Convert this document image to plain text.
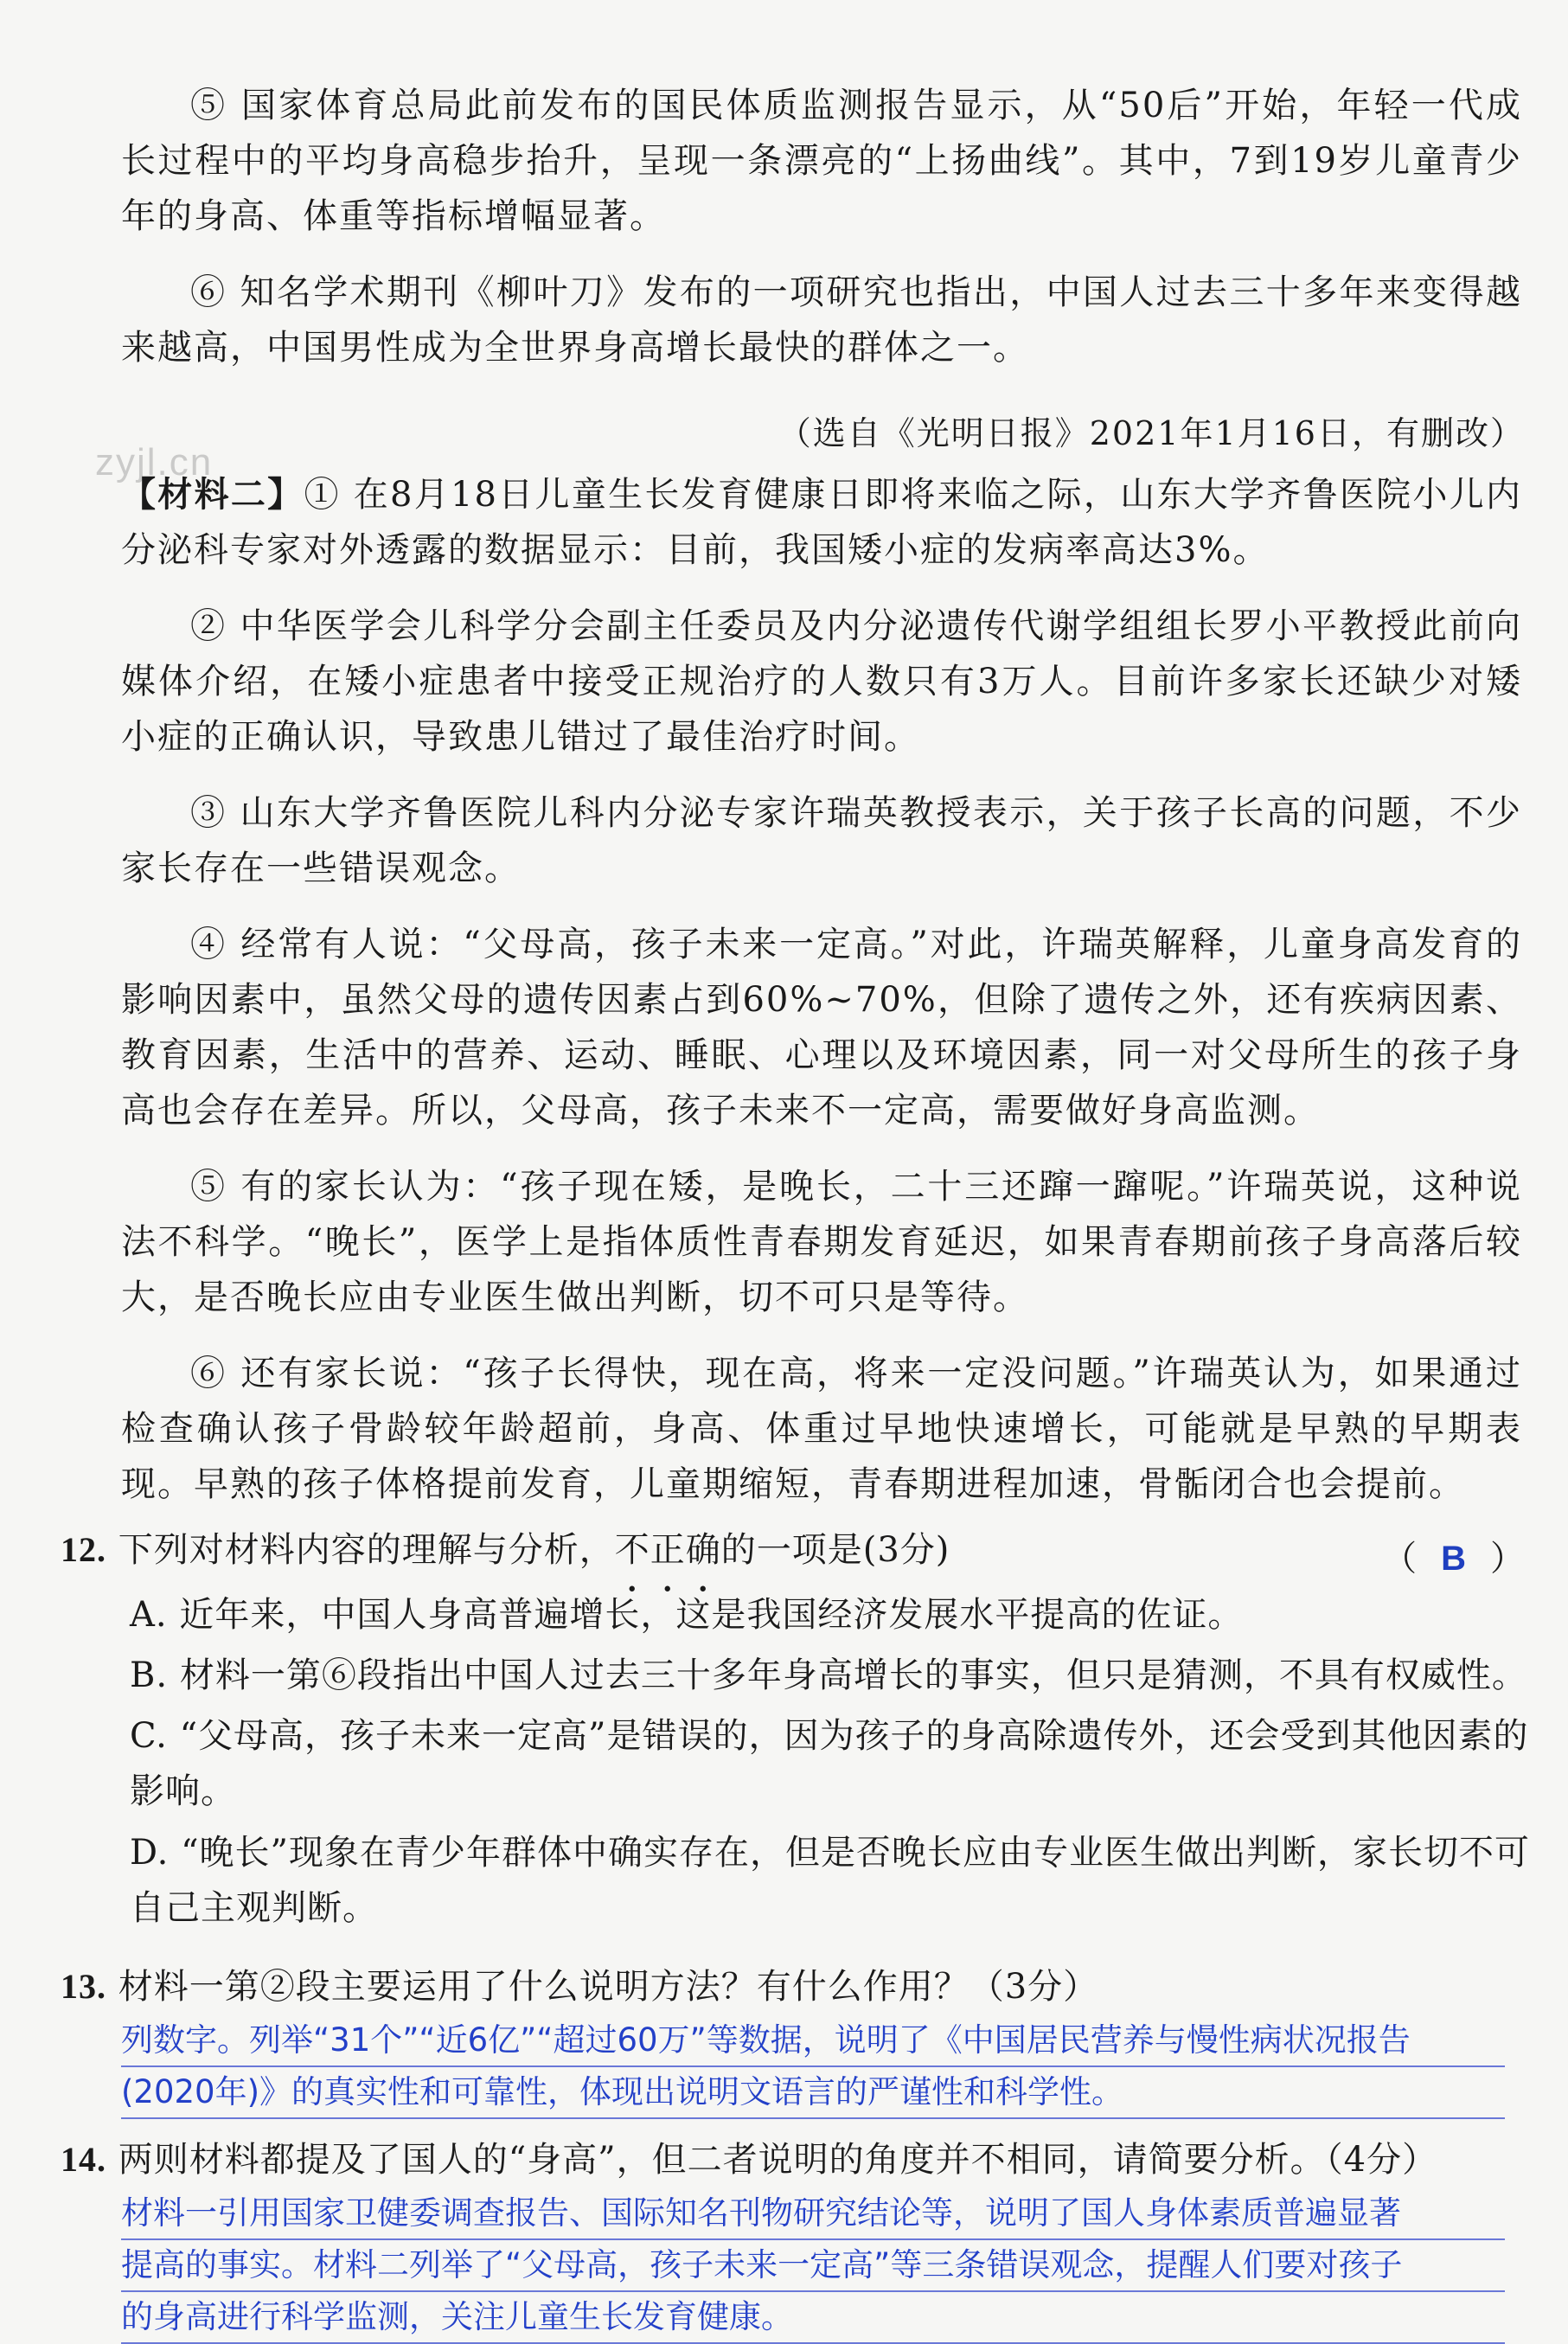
zyjl.cn

⑤ 国家体育总局此前发布的国民体质监测报告显示，从“50后”开始，年轻一代成长过程中的平均身高稳步抬升，呈现一条漂亮的“上扬曲线”。其中，7到19岁儿童青少年的身高、体重等指标增幅显著。

⑥ 知名学术期刊《柳叶刀》发布的一项研究也指出，中国人过去三十多年来变得越来越高，中国男性成为全世界身高增长最快的群体之一。

（选自《光明日报》2021年1月16日，有删改）

【材料二】① 在8月18日儿童生长发育健康日即将来临之际，山东大学齐鲁医院小儿内分泌科专家对外透露的数据显示：目前，我国矮小症的发病率高达3%。

② 中华医学会儿科学分会副主任委员及内分泌遗传代谢学组组长罗小平教授此前向媒体介绍，在矮小症患者中接受正规治疗的人数只有3万人。目前许多家长还缺少对矮小症的正确认识，导致患儿错过了最佳治疗时间。

③ 山东大学齐鲁医院儿科内分泌专家许瑞英教授表示，关于孩子长高的问题，不少家长存在一些错误观念。

④ 经常有人说：“父母高，孩子未来一定高。”对此，许瑞英解释，儿童身高发育的影响因素中，虽然父母的遗传因素占到60%~70%，但除了遗传之外，还有疾病因素、教育因素，生活中的营养、运动、睡眠、心理以及环境因素，同一对父母所生的孩子身高也会存在差异。所以，父母高，孩子未来不一定高，需要做好身高监测。

⑤ 有的家长认为：“孩子现在矮，是晚长，二十三还蹿一蹿呢。”许瑞英说，这种说法不科学。“晚长”，医学上是指体质性青春期发育延迟，如果青春期前孩子身高落后较大，是否晚长应由专业医生做出判断，切不可只是等待。

⑥ 还有家长说：“孩子长得快，现在高，将来一定没问题。”许瑞英认为，如果通过检查确认孩子骨龄较年龄超前，身高、体重过早地快速增长，可能就是早熟的早期表现。早熟的孩子体格提前发育，儿童期缩短，青春期进程加速，骨骺闭合也会提前。

12. 下列对材料内容的理解与分析，不正确的一项是(3分)	（ B ）
A. 近年来，中国人身高普遍增长，这是我国经济发展水平提高的佐证。
B. 材料一第⑥段指出中国人过去三十多年身高增长的事实，但只是猜测，不具有权威性。
C. “父母高，孩子未来一定高”是错误的，因为孩子的身高除遗传外，还会受到其他因素的影响。
D. “晚长”现象在青少年群体中确实存在，但是否晚长应由专业医生做出判断，家长切不可自己主观判断。
13. 材料一第②段主要运用了什么说明方法？有什么作用？（3分）
列数字。列举“31个”“近6亿”“超过60万”等数据，说明了《中国居民营养与慢性病状况报告
(2020年)》的真实性和可靠性，体现出说明文语言的严谨性和科学性。
14. 两则材料都提及了国人的“身高”，但二者说明的角度并不相同，请简要分析。（4分）
材料一引用国家卫健委调查报告、国际知名刊物研究结论等，说明了国人身体素质普遍显著
提高的事实。材料二列举了“父母高，孩子未来一定高”等三条错误观念，提醒人们要对孩子
的身高进行科学监测，关注儿童生长发育健康。
